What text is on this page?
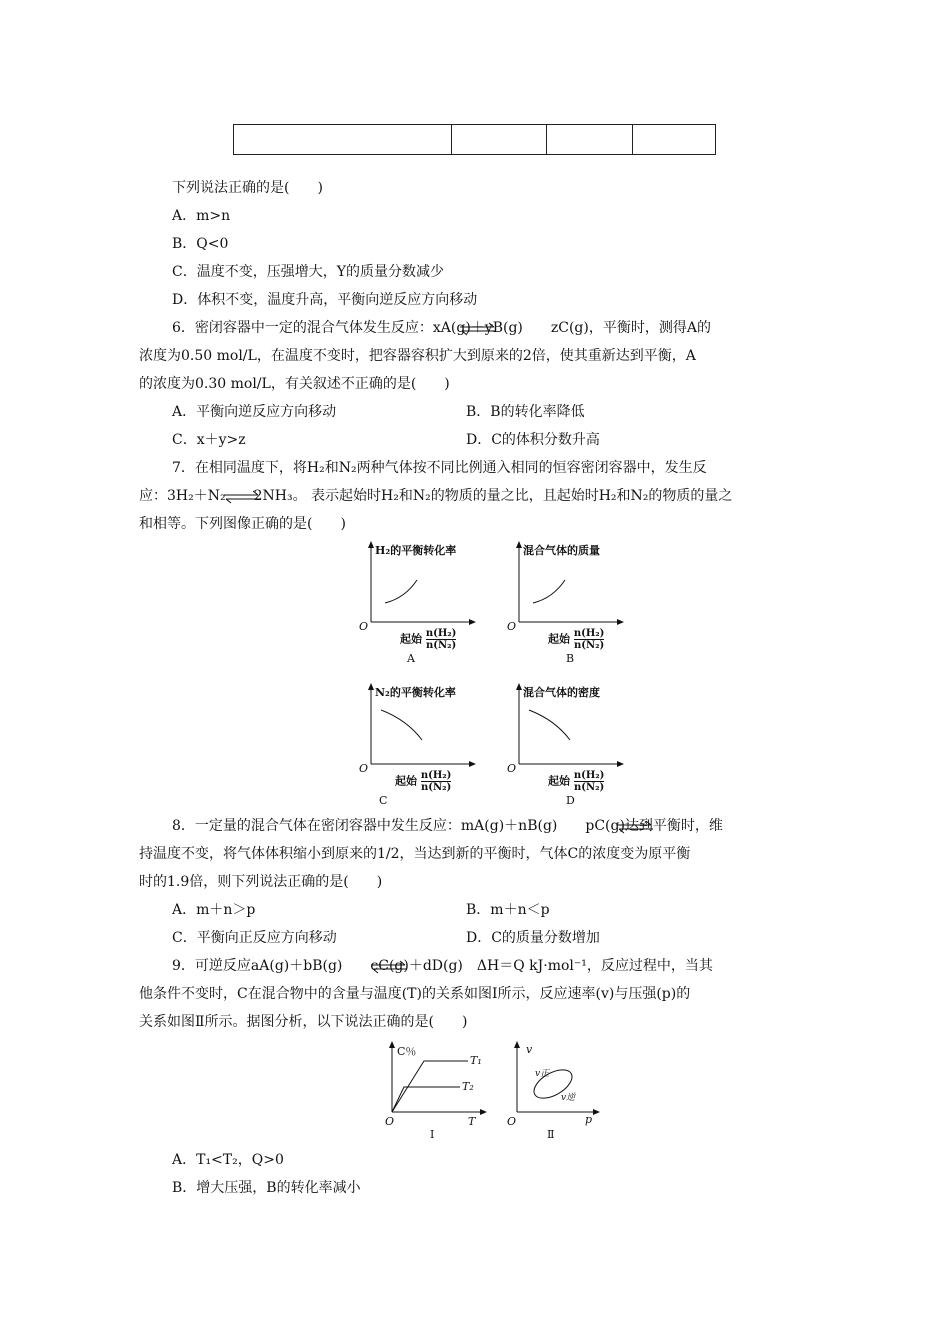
下列说法正确的是(　　)
A．m>n
B．Q<0
C．温度不变，压强增大，Y的质量分数减少
D．体积不变，温度升高，平衡向逆反应方向移动
6．密闭容器中一定的混合气体发生反应：xA(g)＋yB(g)　　zC(g)，平衡时，测得A的
浓度为0.50 mol/L，在温度不变时，把容器容积扩大到原来的2倍，使其重新达到平衡，A
的浓度为0.30 mol/L，有关叙述不正确的是(　　)
A．平衡向逆反应方向移动	B．B的转化率降低
C．x＋y>z	D．C的体积分数升高
7．在相同温度下，将H₂和N₂两种气体按不同比例通入相同的恒容密闭容器中，发生反
应：3H₂＋N₂　　2NH₃。 表示起始时H₂和N₂的物质的量之比，且起始时H₂和N₂的物质的量之
和相等。下列图像正确的是(　　)
H₂的平衡转化率
O
起始 $\frac{\text{n(H₂)}}{\text{n(N₂)}}$
A
混合气体的质量
O
起始 $\frac{\text{n(H₂)}}{\text{n(N₂)}}$
B
N₂的平衡转化率
O
起始 $\frac{\text{n(H₂)}}{\text{n(N₂)}}$
C
混合气体的密度
O
起始 $\frac{\text{n(H₂)}}{\text{n(N₂)}}$
D
8．一定量的混合气体在密闭容器中发生反应：mA(g)＋nB(g)　　pC(g)达到平衡时，维
持温度不变，将气体体积缩小到原来的1/2，当达到新的平衡时，气体C的浓度变为原平衡
时的1.9倍，则下列说法正确的是(　　)
A．m＋n＞p	B．m＋n＜p
C．平衡向正反应方向移动	D．C的质量分数增加
9．可逆反应aA(g)＋bB(g)　　cC(g)＋dD(g)　ΔH＝Q kJ·mol⁻¹，反应过程中，当其
他条件不变时，C在混合物中的含量与温度(T)的关系如图Ⅰ所示，反应速率(v)与压强(p)的
关系如图Ⅱ所示。据图分析，以下说法正确的是(　　)
C％
T₁
T₂
O	T
Ⅰ
v
v正
v逆
O	p
Ⅱ
A．T₁<T₂，Q>0
B．增大压强，B的转化率减小
